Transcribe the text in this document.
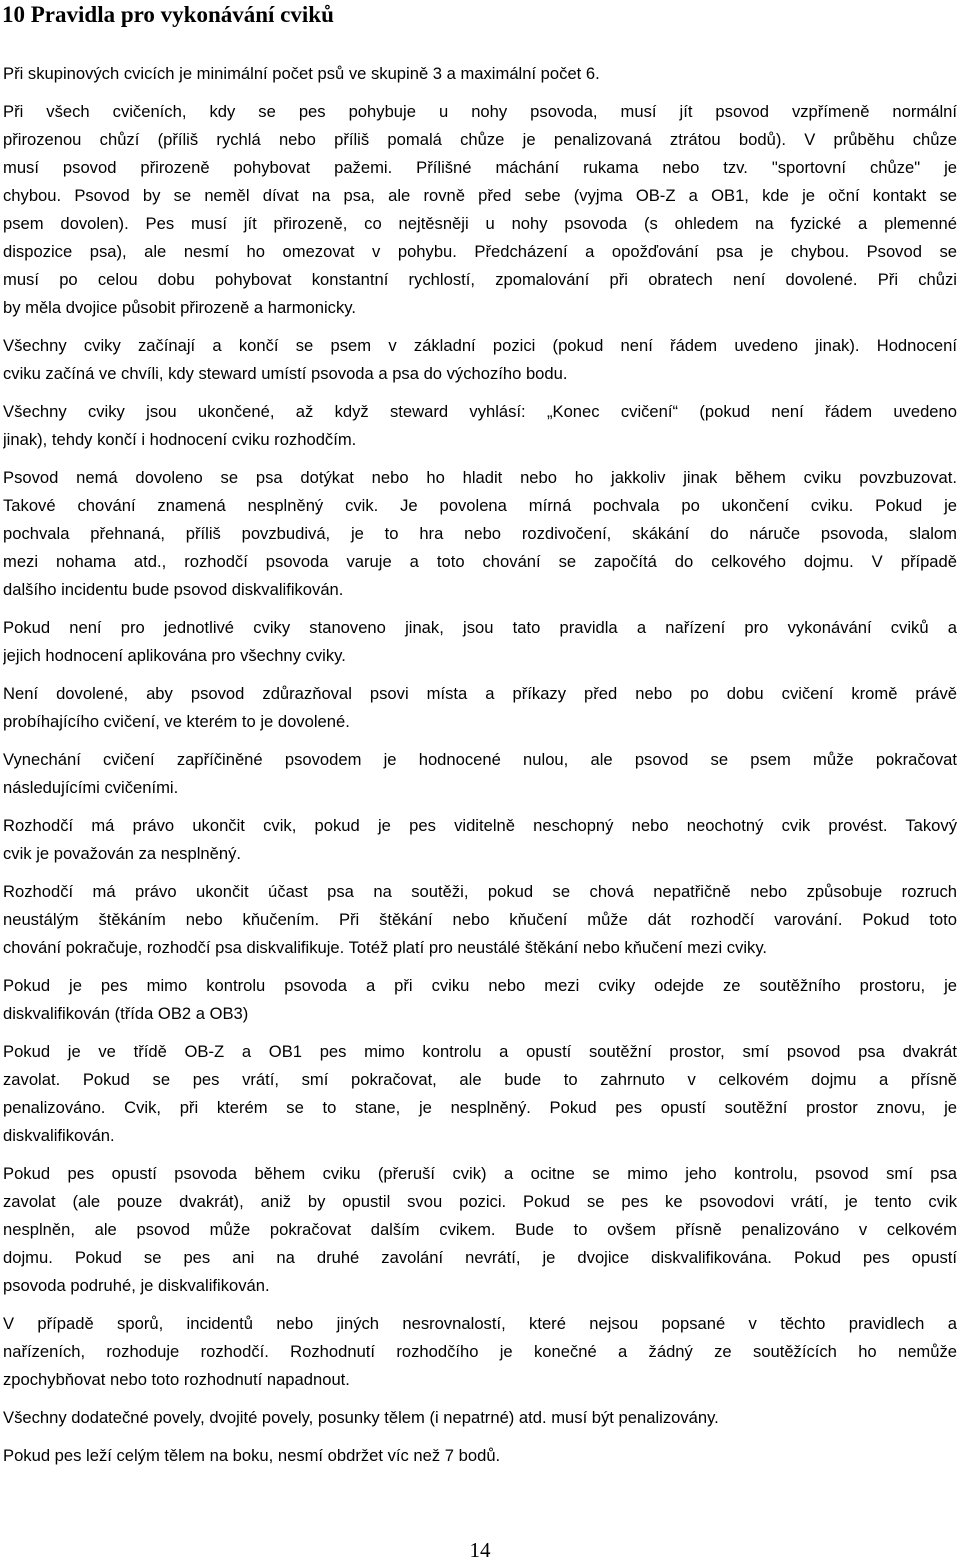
10 Pravidla pro vykonávání cviků
Při skupinových cvicích je minimální počet psů ve skupině 3 a maximální počet 6.
Při všech cvičeních, kdy se pes pohybuje u nohy psovoda, musí jít psovod vzpřímeně normální
přirozenou chůzí (příliš rychlá nebo příliš pomalá chůze je penalizovaná ztrátou bodů). V průběhu chůze
musí psovod přirozeně pohybovat pažemi. Přílišné máchání rukama nebo tzv. "sportovní chůze" je
chybou. Psovod by se neměl dívat na psa, ale rovně před sebe (vyjma OB-Z a OB1, kde je oční kontakt se
psem dovolen). Pes musí jít přirozeně, co nejtěsněji u nohy psovoda (s ohledem na fyzické a plemenné
dispozice psa), ale nesmí ho omezovat v pohybu. Předcházení a opožďování psa je chybou. Psovod se
musí po celou dobu pohybovat konstantní rychlostí, zpomalování při obratech není dovolené. Při chůzi
by měla dvojice působit přirozeně a harmonicky.
Všechny cviky začínají a končí se psem v základní pozici (pokud není řádem uvedeno jinak). Hodnocení
cviku začíná ve chvíli, kdy steward umístí psovoda a psa do výchozího bodu.
Všechny cviky jsou ukončené, až když steward vyhlásí: „Konec cvičení“ (pokud není řádem uvedeno
jinak), tehdy končí i hodnocení cviku rozhodčím.
Psovod nemá dovoleno se psa dotýkat nebo ho hladit nebo ho jakkoliv jinak během cviku povzbuzovat.
Takové chování znamená nesplněný cvik. Je povolena mírná pochvala po ukončení cviku. Pokud je
pochvala přehnaná, příliš povzbudivá, je to hra nebo rozdivočení, skákání do náruče psovoda, slalom
mezi nohama atd., rozhodčí psovoda varuje a toto chování se započítá do celkového dojmu. V případě
dalšího incidentu bude psovod diskvalifikován.
Pokud není pro jednotlivé cviky stanoveno jinak, jsou tato pravidla a nařízení pro vykonávání cviků a
jejich hodnocení aplikována pro všechny cviky.
Není dovolené, aby psovod zdůrazňoval psovi místa a příkazy před nebo po dobu cvičení kromě právě
probíhajícího cvičení, ve kterém to je dovolené.
Vynechání cvičení zapříčiněné psovodem je hodnocené nulou, ale psovod se psem může pokračovat
následujícími cvičeními.
Rozhodčí má právo ukončit cvik, pokud je pes viditelně neschopný nebo neochotný cvik provést. Takový
cvik je považován za nesplněný.
Rozhodčí má právo ukončit účast psa na soutěži, pokud se chová nepatřičně nebo způsobuje rozruch
neustálým štěkáním nebo kňučením. Při štěkání nebo kňučení může dát rozhodčí varování. Pokud toto
chování pokračuje, rozhodčí psa diskvalifikuje. Totéž platí pro neustálé štěkání nebo kňučení mezi cviky.
Pokud je pes mimo kontrolu psovoda a při cviku nebo mezi cviky odejde ze soutěžního prostoru, je
diskvalifikován (třída OB2 a OB3)
Pokud je ve třídě OB-Z a OB1 pes mimo kontrolu a opustí soutěžní prostor, smí psovod psa dvakrát
zavolat. Pokud se pes vrátí, smí pokračovat, ale bude to zahrnuto v celkovém dojmu a přísně
penalizováno. Cvik, při kterém se to stane, je nesplněný. Pokud pes opustí soutěžní prostor znovu, je
diskvalifikován.
Pokud pes opustí psovoda během cviku (přeruší cvik) a ocitne se mimo jeho kontrolu, psovod smí psa
zavolat (ale pouze dvakrát), aniž by opustil svou pozici. Pokud se pes ke psovodovi vrátí, je tento cvik
nesplněn, ale psovod může pokračovat dalším cvikem. Bude to ovšem přísně penalizováno v celkovém
dojmu. Pokud se pes ani na druhé zavolání nevrátí, je dvojice diskvalifikována. Pokud pes opustí
psovoda podruhé, je diskvalifikován.
V případě sporů, incidentů nebo jiných nesrovnalostí, které nejsou popsané v těchto pravidlech a
nařízeních, rozhoduje rozhodčí. Rozhodnutí rozhodčího je konečné a žádný ze soutěžících ho nemůže
zpochybňovat nebo toto rozhodnutí napadnout.
Všechny dodatečné povely, dvojité povely, posunky tělem (i nepatrné) atd. musí být penalizovány.
Pokud pes leží celým tělem na boku, nesmí obdržet víc než 7 bodů.
14
